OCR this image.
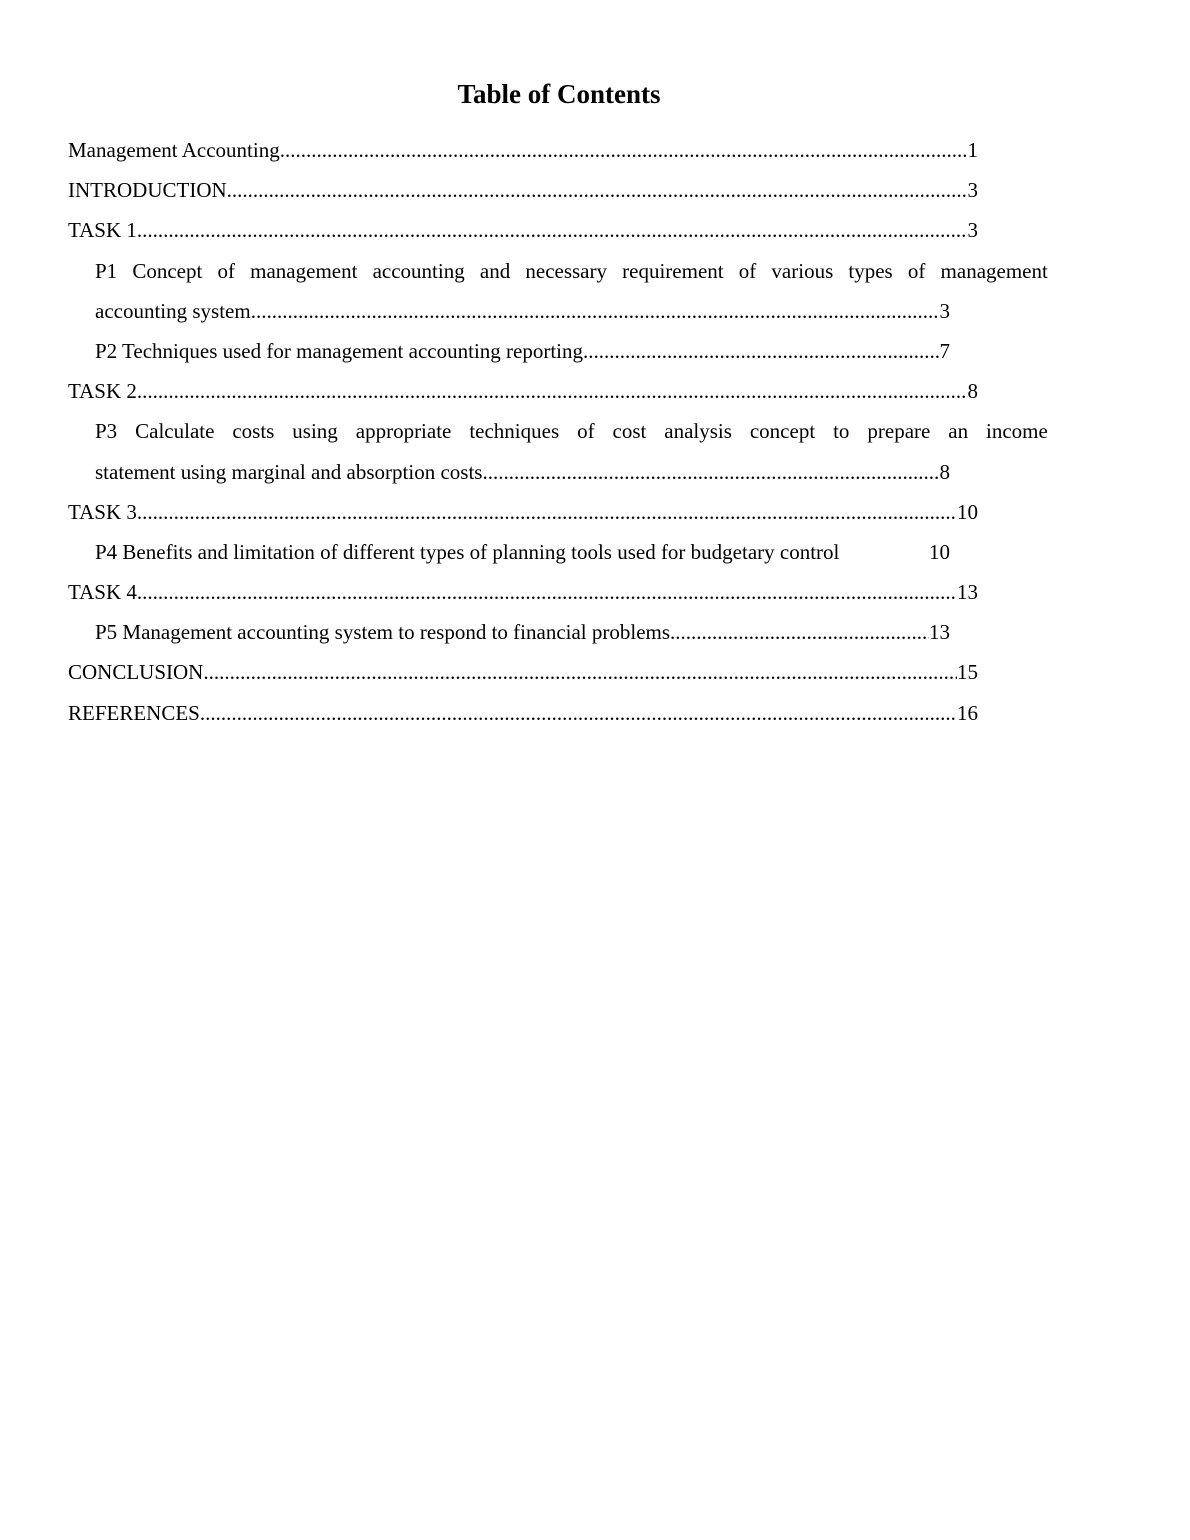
Table of Contents
Management Accounting .....	1
INTRODUCTION .....	3
TASK 1 .....	3
P1 Concept of management accounting and necessary requirement of various types of management
accounting system .....	3
P2 Techniques used for management accounting reporting .....	7
TASK 2 .....	8
P3 Calculate costs using appropriate techniques of cost analysis concept to prepare an income
statement using marginal and absorption costs .....	8
TASK 3 .....	10
P4 Benefits and limitation of different types of planning tools used for budgetary control	10
TASK 4 .....	13
P5 Management accounting system to respond to financial problems .....	13
CONCLUSION .....	15
REFERENCES .....	16
